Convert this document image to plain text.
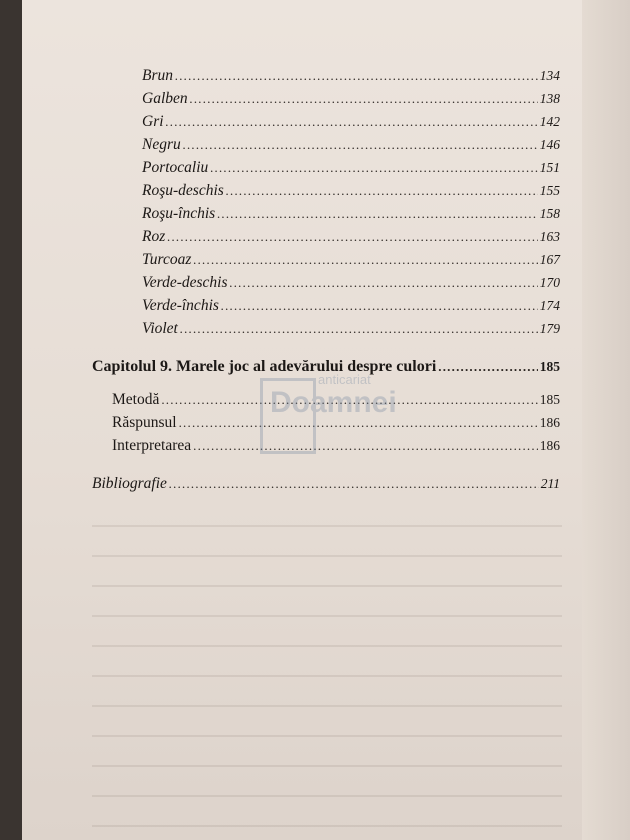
Brun .....	134
Galben .....	138
Gri .....	142
Negru .....	146
Portocaliu .....	151
Roşu-deschis .....	155
Roşu-închis .....	158
Roz .....	163
Turcoaz .....	167
Verde-deschis .....	170
Verde-închis .....	174
Violet .....	179
Capitolul 9. Marele joc al adevărului despre culori .....	185
Metodă .....	185
Răspunsul .....	186
Interpretarea .....	186
Bibliografie .....	211
anticariat
Doamnei
